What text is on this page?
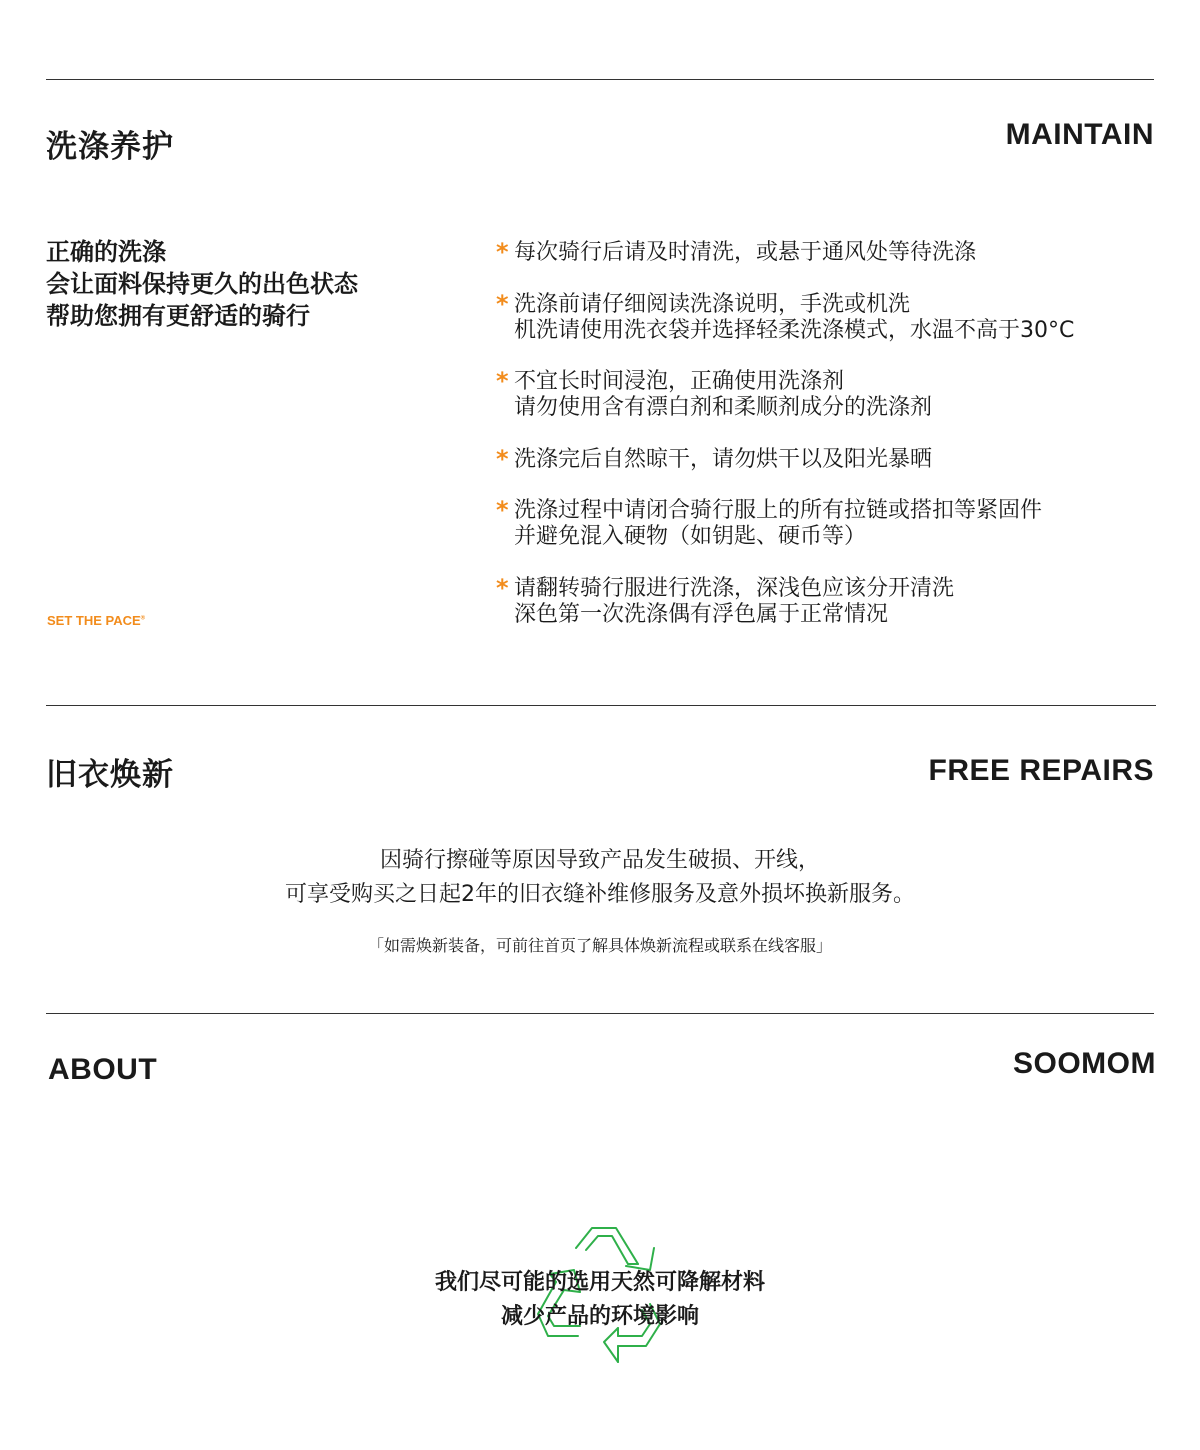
洗涤养护	MAINTAIN
正确的洗涤
会让面料保持更久的出色状态
帮助您拥有更舒适的骑行
SET THE PACE®
* 每次骑行后请及时清洗，或悬于通风处等待洗涤
* 洗涤前请仔细阅读洗涤说明，手洗或机洗
机洗请使用洗衣袋并选择轻柔洗涤模式，水温不高于30°C
* 不宜长时间浸泡，正确使用洗涤剂
请勿使用含有漂白剂和柔顺剂成分的洗涤剂
* 洗涤完后自然晾干，请勿烘干以及阳光暴晒
* 洗涤过程中请闭合骑行服上的所有拉链或搭扣等紧固件
并避免混入硬物（如钥匙、硬币等）
* 请翻转骑行服进行洗涤，深浅色应该分开清洗
深色第一次洗涤偶有浮色属于正常情况
旧衣焕新	FREE REPAIRS
因骑行擦碰等原因导致产品发生破损、开线，
可享受购买之日起2年的旧衣缝补维修服务及意外损坏换新服务。
「如需焕新装备，可前往首页了解具体焕新流程或联系在线客服」
ABOUT	SOOMOM
我们尽可能的选用天然可降解材料
减少产品的环境影响
